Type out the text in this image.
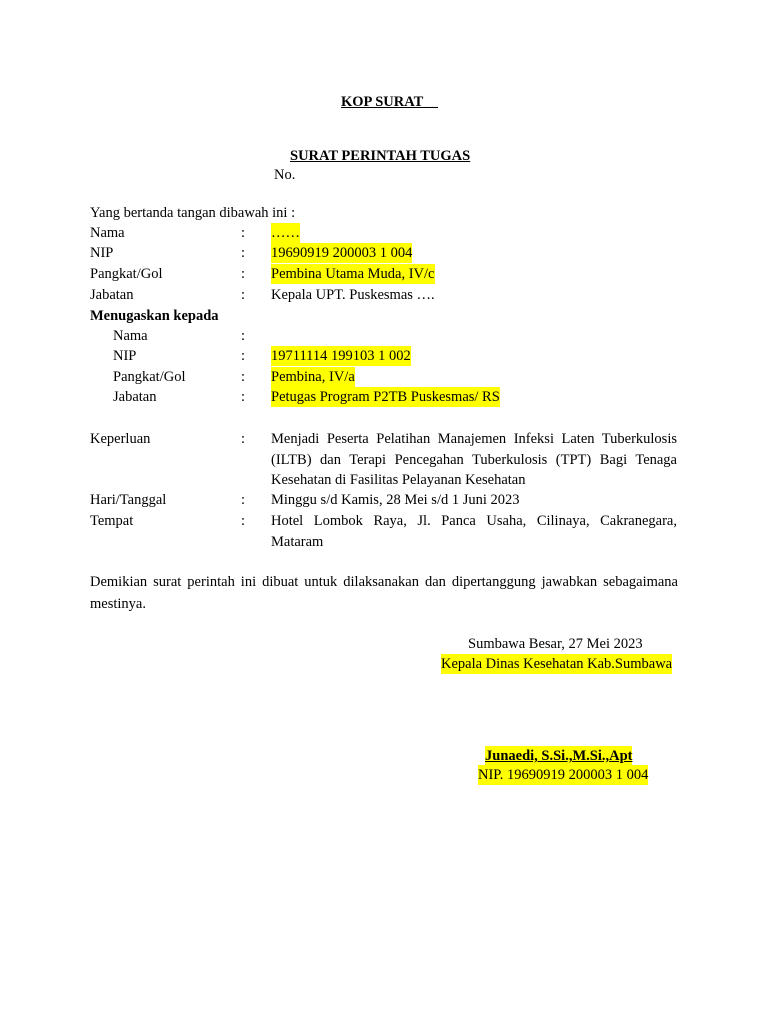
KOP SURAT__
SURAT PERINTAH TUGAS
No.
Yang bertanda tangan dibawah ini :
Nama	: ……
NIP	: 19690919 200003 1 004
Pangkat/Gol	: Pembina Utama Muda, IV/c
Jabatan	: Kepala UPT. Puskesmas ….
Menugaskan kepada
Nama	:
NIP	: 19711114 199103 1 002
Pangkat/Gol	: Pembina, IV/a
Jabatan	: Petugas Program P2TB Puskesmas/ RS
Keperluan	: Menjadi Peserta Pelatihan Manajemen Infeksi Laten Tuberkulosis
(ILTB) dan Terapi Pencegahan Tuberkulosis (TPT) Bagi Tenaga
Kesehatan di Fasilitas Pelayanan Kesehatan
Hari/Tanggal	: Minggu s/d Kamis, 28 Mei s/d 1 Juni 2023
Tempat	: Hotel Lombok Raya, Jl. Panca Usaha, Cilinaya, Cakranegara,
Mataram
Demikian surat perintah ini dibuat untuk dilaksanakan dan dipertanggung jawabkan sebagaimana
mestinya.
Sumbawa Besar, 27 Mei 2023
Kepala Dinas Kesehatan Kab.Sumbawa
Junaedi, S.Si.,M.Si.,Apt
NIP. 19690919 200003 1 004
